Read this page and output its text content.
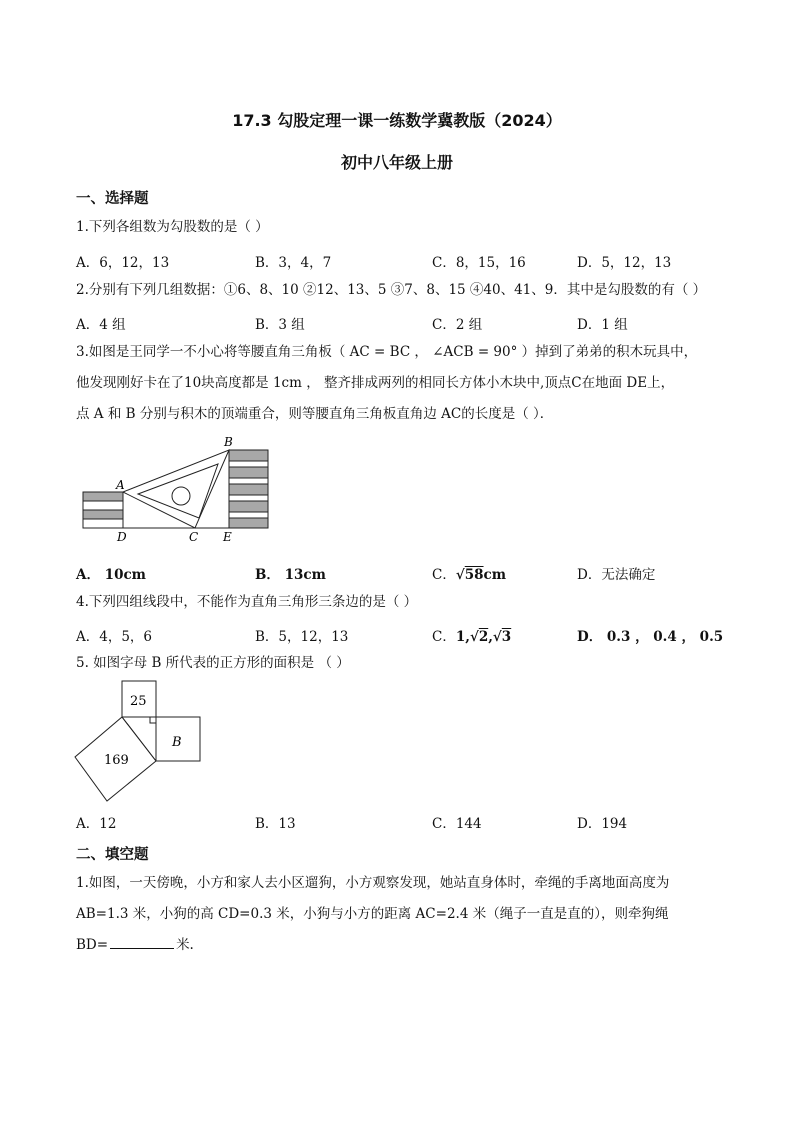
17.3 勾股定理一课一练数学冀教版（2024）
初中八年级上册
一、选择题
1.下列各组数为勾股数的是（ ）
A．6，12，13	B．3，4，7	C．8，15，16	D．5，12，13
2.分别有下列几组数据：①6、8、10 ②12、13、5 ③7、8、15 ④40、41、9．其中是勾股数的有（ ）
A．4 组	B．3 组	C．2 组	D．1 组
3.如图是王同学一不小心将等腰直角三角板（ AC = BC ， ∠ACB = 90° ）掉到了弟弟的积木玩具中，
他发现刚好卡在了10块高度都是 1cm ， 整齐排成两列的相同长方体小木块中,顶点C在地面 DE上，
点 A 和 B 分别与积木的顶端重合，则等腰直角三角板直角边 AC的长度是（ ）．
A
B
C
D	E
A． 10cm	B． 13cm	C．√58cm	D．无法确定
4.下列四组线段中，不能作为直角三角形三条边的是（ ）
A．4，5，6	B．5，12，13	C．1,√2,√3	D． 0.3 ， 0.4 ， 0.5
5. 如图字母 B 所代表的正方形的面积是 （ ）
25
B
169
A．12	B．13	C．144	D．194
二、填空题
1.如图，一天傍晚，小方和家人去小区遛狗，小方观察发现，她站直身体时，牵绳的手离地面高度为
AB=1.3 米，小狗的高 CD=0.3 米，小狗与小方的距离 AC=2.4 米（绳子一直是直的），则牵狗绳
BD=	米.
